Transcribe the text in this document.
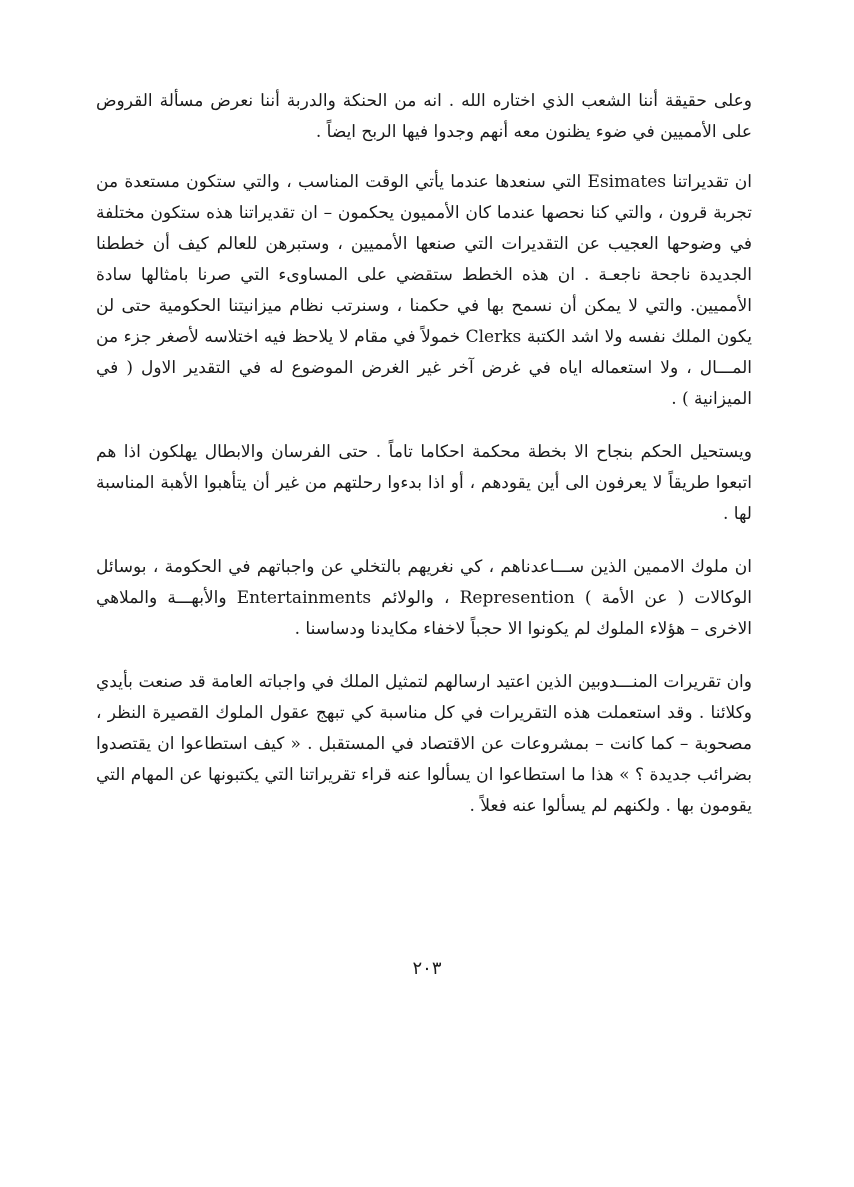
وعلى حقيقة أننا الشعب الذي اختاره الله . انه من الحنكة والدربة أننا نعرض مسألة القروض على الأمميين في ضوء يظنون معه أنهم وجدوا فيها الربح ايضاً .

ان تقديراتنا Esimates التي سنعدها عندما يأتي الوقت المناسب ، والتي ستكون مستعدة من تجربة قرون ، والتي كنا نحصها عندما كان الأمميون يحكمون – ان تقديراتنا هذه ستكون مختلفة في وضوحها العجيب عن التقديرات التي صنعها الأمميين ، وستبرهن للعالم كيف أن خططنا الجديدة ناجحة ناجعـة . ان هذه الخطط ستقضي على المساوىء التي صرنا بامثالها سادة الأمميين. والتي لا يمكن أن نسمح بها في حكمنا ، وسنرتب نظام ميزانيتنا الحكومية حتى لن يكون الملك نفسه ولا اشد الكتبة Clerks خمولاً في مقام لا يلاحظ فيه اختلاسه لأصغر جزء من المـــال ، ولا استعماله اياه في غرض آخر غير الغرض الموضوع له في التقدير الاول ( في الميزانية ) .

ويستحيل الحكم بنجاح الا بخطة محكمة احكاما تاماً . حتى الفرسان والابطال يهلكون اذا هم اتبعوا طريقاً لا يعرفون الى أين يقودهم ، أو اذا بدءوا رحلتهم من غير أن يتأهبوا الأهبة المناسبة لها .

ان ملوك الاممين الذين ســـاعدناهم ، كي نغريهم بالتخلي عن واجباتهم في الحكومة ، بوسائل الوكالات ( عن الأمة ) Represention ، والولائم Entertainments والأبهـــة والملاهي الاخرى – هؤلاء الملوك لم يكونوا الا حجباً لاخفاء مكايدنا ودساسنا .

وان تقريرات المنـــدوبين الذين اعتيد ارسالهم لتمثيل الملك في واجباته العامة قد صنعت بأيدي وكلائنا . وقد استعملت هذه التقريرات في كل مناسبة كي تبهج عقول الملوك القصيرة النظر ، مصحوبة – كما كانت – بمشروعات عن الاقتصاد في المستقبل . « كيف استطاعوا ان يقتصدوا بضرائب جديدة ؟ » هذا ما استطاعوا ان يسألوا عنه قراء تقريراتنا التي يكتبونها عن المهام التي يقومون بها . ولكنهم لم يسألوا عنه فعلاً .

٢٠٣
